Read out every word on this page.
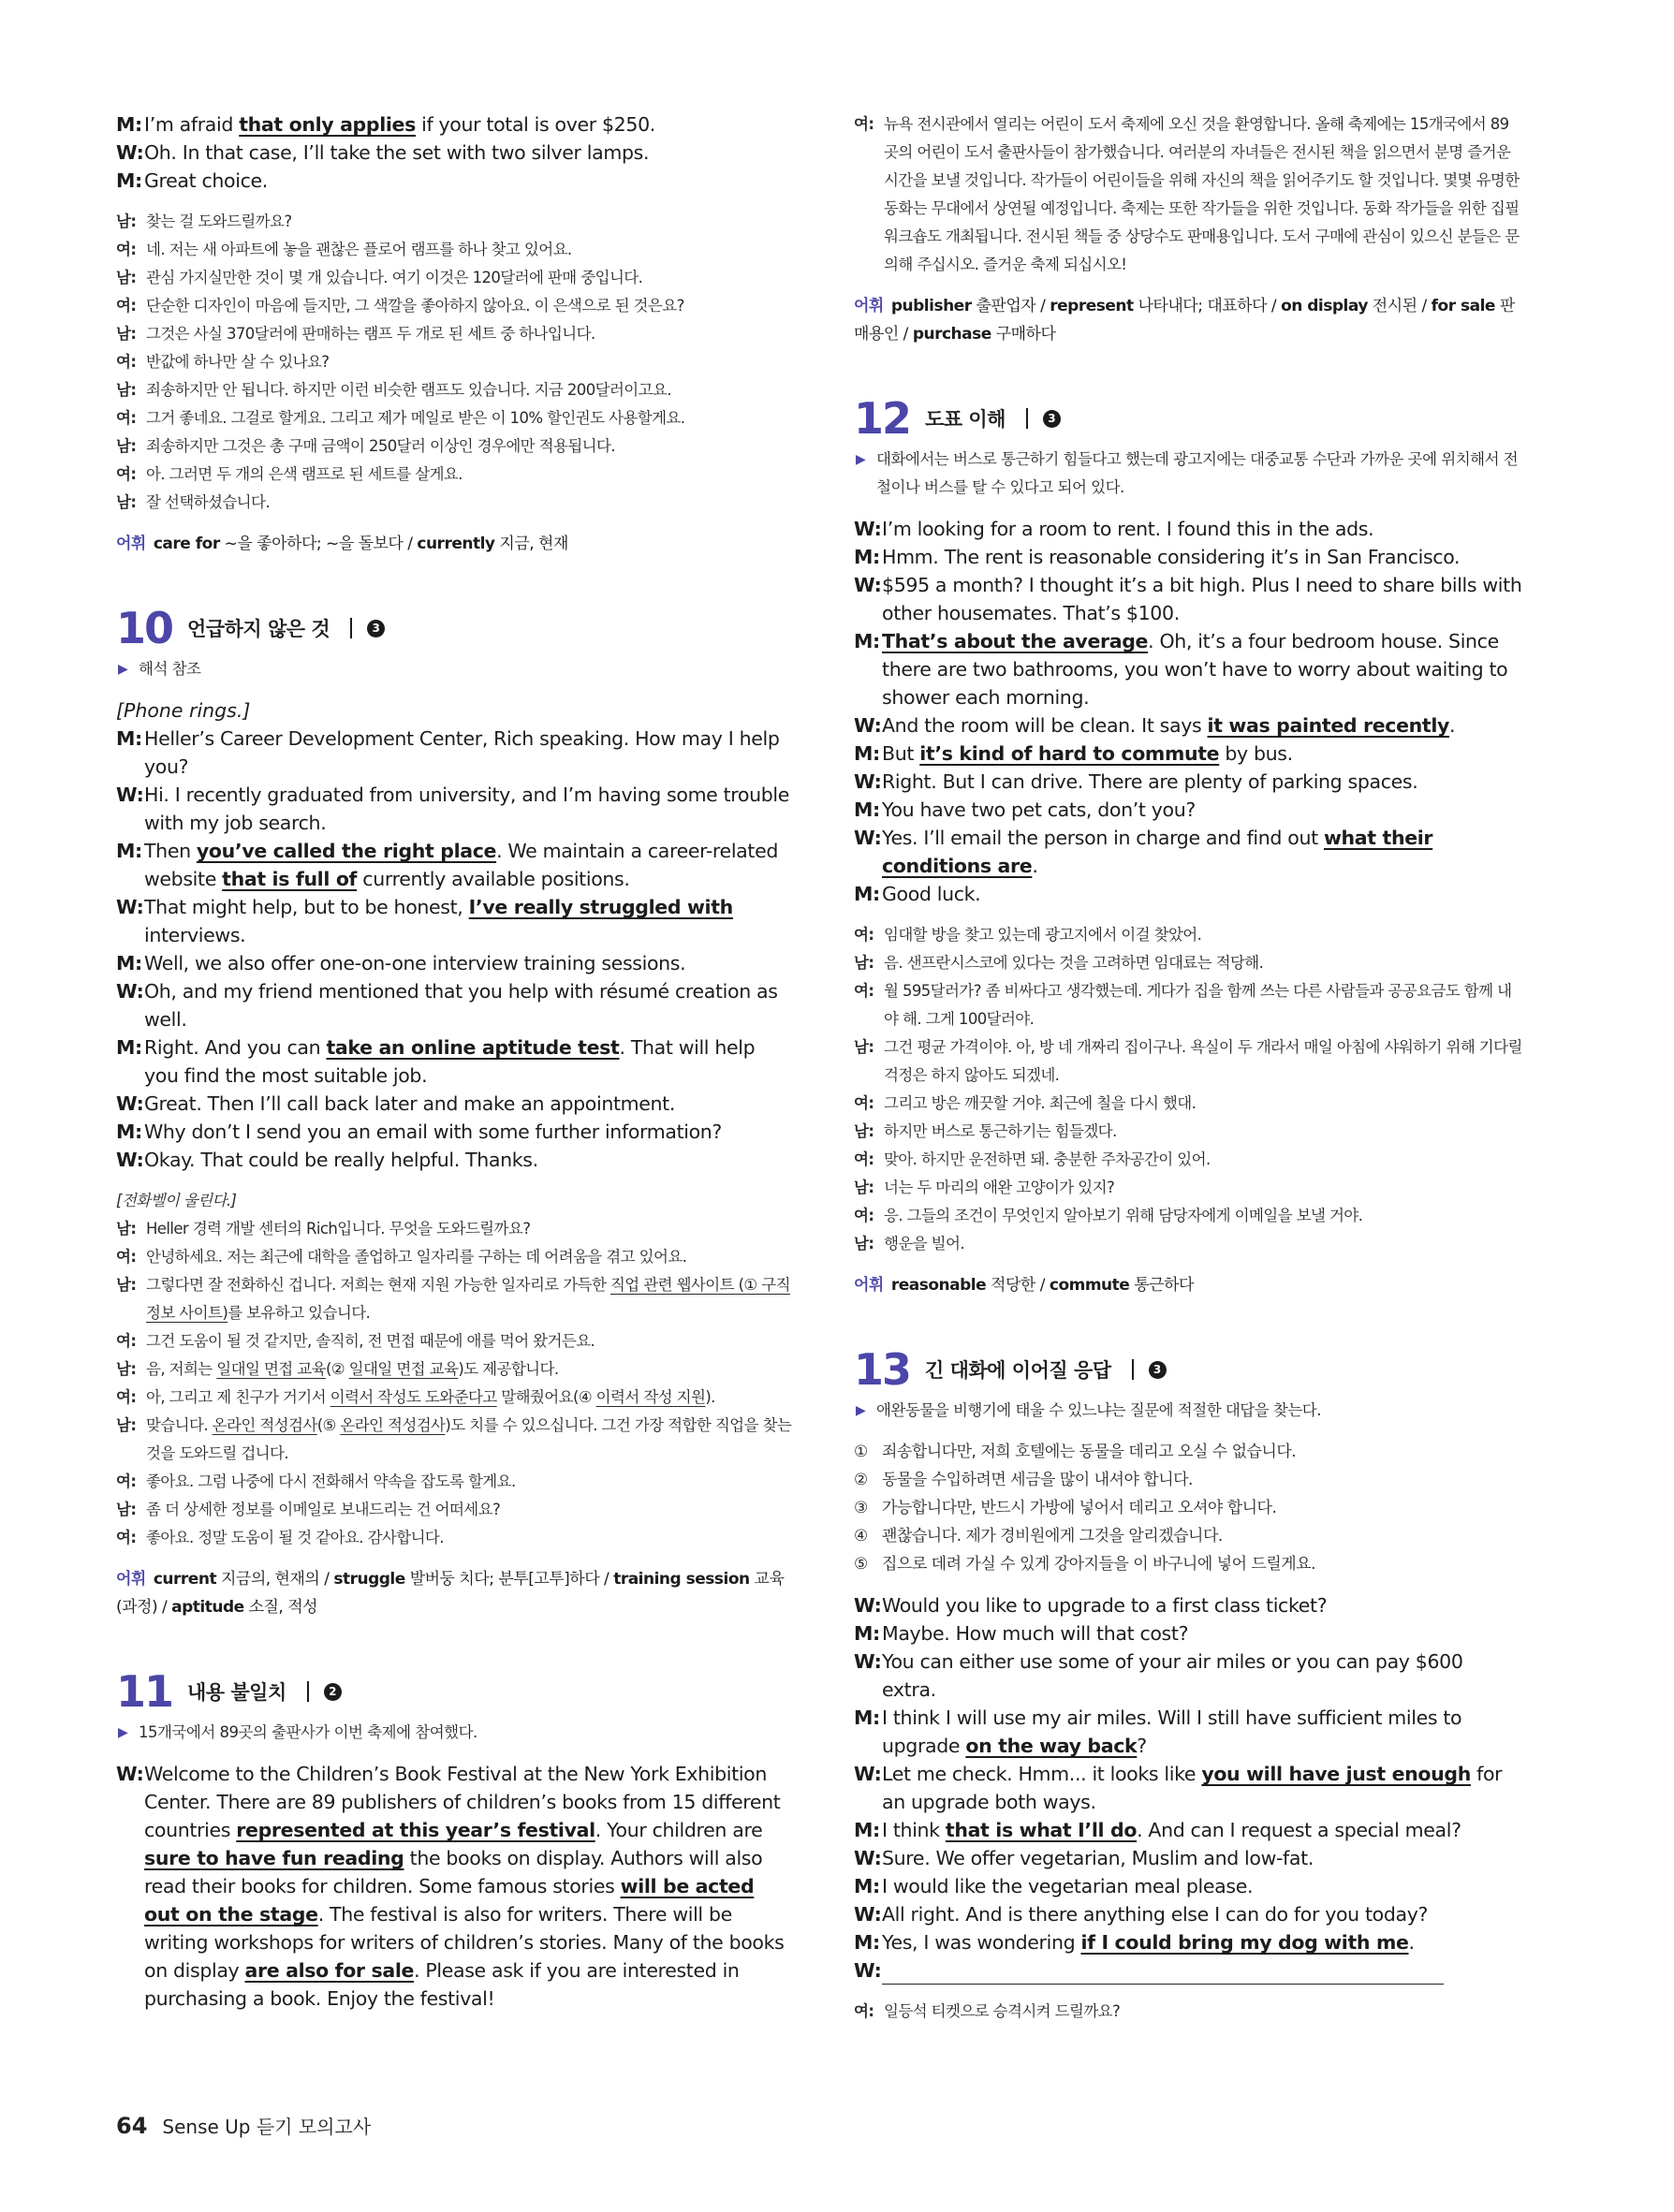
M: I’m afraid that only applies if your total is over $250.
W: Oh. In that case, I’ll take the set with two silver lamps.
M: Great choice.
남: 찾는 걸 도와드릴까요?
여: 네. 저는 새 아파트에 놓을 괜찮은 플로어 램프를 하나 찾고 있어요.
남: 관심 가지실만한 것이 몇 개 있습니다. 여기 이것은 120달러에 판매 중입니다.
여: 단순한 디자인이 마음에 들지만, 그 색깔을 좋아하지 않아요. 이 은색으로 된 것은요?
남: 그것은 사실 370달러에 판매하는 램프 두 개로 된 세트 중 하나입니다.
여: 반값에 하나만 살 수 있나요?
남: 죄송하지만 안 됩니다. 하지만 이런 비슷한 램프도 있습니다. 지금 200달러이고요.
여: 그거 좋네요. 그걸로 할게요. 그리고 제가 메일로 받은 이 10% 할인권도 사용할게요.
남: 죄송하지만 그것은 총 구매 금액이 250달러 이상인 경우에만 적용됩니다.
여: 아. 그러면 두 개의 은색 램프로 된 세트를 살게요.
남: 잘 선택하셨습니다.
어휘 care for ~을 좋아하다; ~을 돌보다 / currently 지금, 현재
10 언급하지 않은 것	3
▶ 해석 참조
[Phone rings.]
M: Heller’s Career Development Center, Rich speaking. How may I help you?
W: Hi. I recently graduated from university, and I’m having some trouble with my job search.
M: Then you’ve called the right place. We maintain a career-related website that is full of currently available positions.
W: That might help, but to be honest, I’ve really struggled with interviews.
M: Well, we also offer one-on-one interview training sessions.
W: Oh, and my friend mentioned that you help with résumé creation as well.
M: Right. And you can take an online aptitude test. That will help you find the most suitable job.
W: Great. Then I’ll call back later and make an appointment.
M: Why don’t I send you an email with some further information?
W: Okay. That could be really helpful. Thanks.
[전화벨이 울린다.]
남: Heller 경력 개발 센터의 Rich입니다. 무엇을 도와드릴까요?
여: 안녕하세요. 저는 최근에 대학을 졸업하고 일자리를 구하는 데 어려움을 겪고 있어요.
남: 그렇다면 잘 전화하신 겁니다. 저희는 현재 지원 가능한 일자리로 가득한 직업 관련 웹사이트 (① 구직 정보 사이트)를 보유하고 있습니다.
여: 그건 도움이 될 것 같지만, 솔직히, 전 면접 때문에 애를 먹어 왔거든요.
남: 음, 저희는 일대일 면접 교육(② 일대일 면접 교육)도 제공합니다.
여: 아, 그리고 제 친구가 거기서 이력서 작성도 도와준다고 말해줬어요(④ 이력서 작성 지원).
남: 맞습니다. 온라인 적성검사(⑤ 온라인 적성검사)도 치를 수 있으십니다. 그건 가장 적합한 직업을 찾는 것을 도와드릴 겁니다.
여: 좋아요. 그럼 나중에 다시 전화해서 약속을 잡도록 할게요.
남: 좀 더 상세한 정보를 이메일로 보내드리는 건 어떠세요?
여: 좋아요. 정말 도움이 될 것 같아요. 감사합니다.
어휘 current 지금의, 현재의 / struggle 발버둥 치다; 분투[고투]하다 / training session 교육 (과정) / aptitude 소질, 적성
11 내용 불일치	2
▶ 15개국에서 89곳의 출판사가 이번 축제에 참여했다.
W: Welcome to the Children’s Book Festival at the New York Exhibition Center. There are 89 publishers of children’s books from 15 different countries represented at this year’s festival. Your children are sure to have fun reading the books on display. Authors will also read their books for children. Some famous stories will be acted out on the stage. The festival is also for writers. There will be writing workshops for writers of children’s stories. Many of the books on display are also for sale. Please ask if you are interested in purchasing a book. Enjoy the festival!
여: 뉴욕 전시관에서 열리는 어린이 도서 축제에 오신 것을 환영합니다. 올해 축제에는 15개국에서 89곳의 어린이 도서 출판사들이 참가했습니다. 여러분의 자녀들은 전시된 책을 읽으면서 분명 즐거운 시간을 보낼 것입니다. 작가들이 어린이들을 위해 자신의 책을 읽어주기도 할 것입니다. 몇몇 유명한 동화는 무대에서 상연될 예정입니다. 축제는 또한 작가들을 위한 것입니다. 동화 작가들을 위한 집필 워크숍도 개최됩니다. 전시된 책들 중 상당수도 판매용입니다. 도서 구매에 관심이 있으신 분들은 문의해 주십시오. 즐거운 축제 되십시오!
어휘 publisher 출판업자 / represent 나타내다; 대표하다 / on display 전시된 / for sale 판매용인 / purchase 구매하다
12 도표 이해	3
▶ 대화에서는 버스로 통근하기 힘들다고 했는데 광고지에는 대중교통 수단과 가까운 곳에 위치해서 전철이나 버스를 탈 수 있다고 되어 있다.
W: I’m looking for a room to rent. I found this in the ads.
M: Hmm. The rent is reasonable considering it’s in San Francisco.
W: $595 a month? I thought it’s a bit high. Plus I need to share bills with other housemates. That’s $100.
M: That’s about the average. Oh, it’s a four bedroom house. Since there are two bathrooms, you won’t have to worry about waiting to shower each morning.
W: And the room will be clean. It says it was painted recently.
M: But it’s kind of hard to commute by bus.
W: Right. But I can drive. There are plenty of parking spaces.
M: You have two pet cats, don’t you?
W: Yes. I’ll email the person in charge and find out what their conditions are.
M: Good luck.
여: 임대할 방을 찾고 있는데 광고지에서 이걸 찾았어.
남: 음. 샌프란시스코에 있다는 것을 고려하면 임대료는 적당해.
여: 월 595달러가? 좀 비싸다고 생각했는데. 게다가 집을 함께 쓰는 다른 사람들과 공공요금도 함께 내야 해. 그게 100달러야.
남: 그건 평균 가격이야. 아, 방 네 개짜리 집이구나. 욕실이 두 개라서 매일 아침에 샤워하기 위해 기다릴 걱정은 하지 않아도 되겠네.
여: 그리고 방은 깨끗할 거야. 최근에 칠을 다시 했대.
남: 하지만 버스로 통근하기는 힘들겠다.
여: 맞아. 하지만 운전하면 돼. 충분한 주차공간이 있어.
남: 너는 두 마리의 애완 고양이가 있지?
여: 응. 그들의 조건이 무엇인지 알아보기 위해 담당자에게 이메일을 보낼 거야.
남: 행운을 빌어.
어휘 reasonable 적당한 / commute 통근하다
13 긴 대화에 이어질 응답	3
▶ 애완동물을 비행기에 태울 수 있느냐는 질문에 적절한 대답을 찾는다.
① 죄송합니다만, 저희 호텔에는 동물을 데리고 오실 수 없습니다.
② 동물을 수입하려면 세금을 많이 내셔야 합니다.
③ 가능합니다만, 반드시 가방에 넣어서 데리고 오셔야 합니다.
④ 괜찮습니다. 제가 경비원에게 그것을 알리겠습니다.
⑤ 집으로 데려 가실 수 있게 강아지들을 이 바구니에 넣어 드릴게요.
W: Would you like to upgrade to a first class ticket?
M: Maybe. How much will that cost?
W: You can either use some of your air miles or you can pay $600 extra.
M: I think I will use my air miles. Will I still have sufficient miles to upgrade on the way back?
W: Let me check. Hmm... it looks like you will have just enough for an upgrade both ways.
M: I think that is what I’ll do. And can I request a special meal?
W: Sure. We offer vegetarian, Muslim and low-fat.
M: I would like the vegetarian meal please.
W: All right. And is there anything else I can do for you today?
M: Yes, I was wondering if I could bring my dog with me.
W:
여: 일등석 티켓으로 승격시켜 드릴까요?
64 Sense Up 듣기 모의고사
